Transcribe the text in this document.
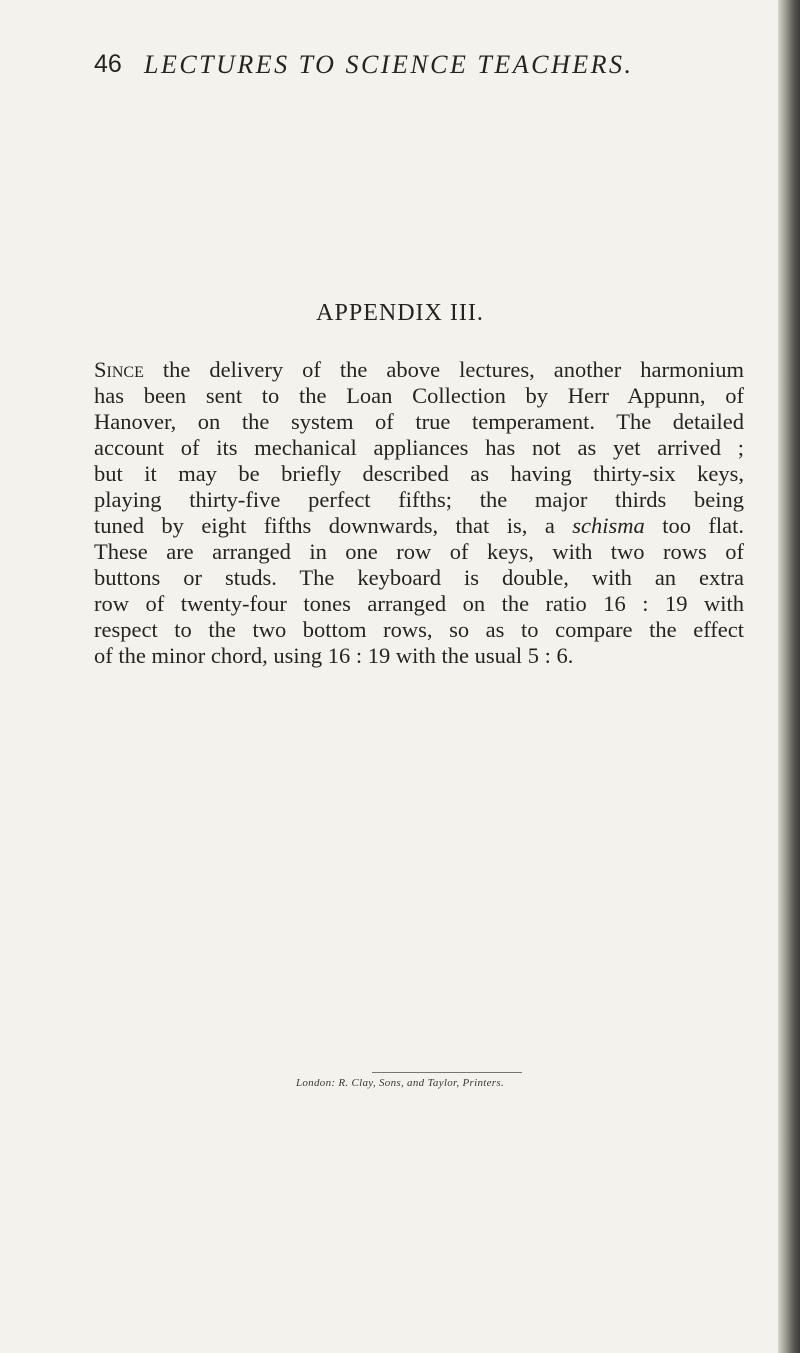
46 LECTURES TO SCIENCE TEACHERS.
APPENDIX III.
Since the delivery of the above lectures, another harmonium
has been sent to the Loan Collection by Herr Appunn, of
Hanover, on the system of true temperament. The detailed
account of its mechanical appliances has not as yet arrived ;
but it may be briefly described as having thirty-six keys,
playing thirty-five perfect fifths; the major thirds being
tuned by eight fifths downwards, that is, a schisma too flat.
These are arranged in one row of keys, with two rows of
buttons or studs. The keyboard is double, with an extra
row of twenty-four tones arranged on the ratio 16 : 19 with
respect to the two bottom rows, so as to compare the effect
of the minor chord, using 16 : 19 with the usual 5 : 6.
London: R. Clay, Sons, and Taylor, Printers.
